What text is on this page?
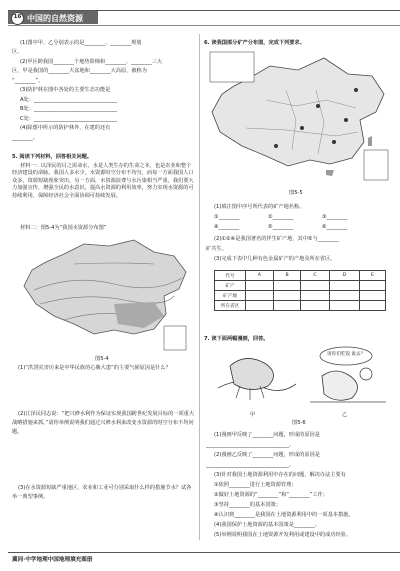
16 中国的自然资源
(1)图中甲、乙分别表示的是________、________规划
区。
(2)甲区跨我国________个地势阶梯和________、________三大
区，甲是我国的________大盆地和________大高原，被称为
“________”。
(3)防护林在图中各处的主要生态功能是
A处：________________________________
B处：________________________________
C处：________________________________
(4)除图中所示的防护林外，在建的还有
________。
5. 阅读下列材料，回答相关问题。
材料一：以泽民的目之需命水，水是人类生存的生命之本，也是农业和整个经济建设的命脉。我国人多水少，水资源时空分布不均匀，而每一方面我国人口众多，资源短缺现象突出，另一方面，水资源浪费与水污染相当严重，我们要大力加强宣传，增强全民的水意识，提高水资源的利用效率，努力实现水资源的可持续利用，保障经济社会全面协调可持续发展。
材料二：图5-4为“我国水资源分布图”
图5-4
(1)“洪涝灾害历来是中华民族的心腹大患”的主要气候原因是什么？
(2)江泽民同志说：“把兴修水利作为保证实现我国跨世纪发展目标的一项重大战略措施来抓。”请你举例说明我们通过兴修水利来改变水资源的时空分布不均问题。
(3)在水资源短缺严重地区，农业和工业可分别采取什么样的措施节水？试各举一典型事例。
6. 读我国部分矿产分布图，完成下列要求。
图5-5
(1)填注图中序号所代表的矿产地名称。
①________	②________	③________
④________	⑤________	⑥________
(2)①②④是我国著名的伴生矿产地，其中⑤与________
矿共生。
(3)完成下表中几种有色金属矿产的产地及所在省区。
代号	A	B	C	D	E
矿产					
矿产地					
所在省区					
7. 读下面两幅漫画，回答。
请你们吃饭 谁去？
甲	乙
图5-6
(1)漫画甲反映了________问题，形成的原因是
________________________________。
(2)漫画乙反映了________问题，形成的原因是
________________________________。
(3)针对我国土地资源利用中存在的问题，解决办法主要有
①依照________进行土地资源管理；
②做好土地资源的“________”和“________”工作；
③坚持________的基本国策；
④认识到________是我国在土地资源利用中的一项基本措施。
(4)我国保护土地资源的基本国策是________。
(5)举例说明我国在土地资源开发利用或建设中的成功经验。
冀同·中学地理中国地理填充图册
